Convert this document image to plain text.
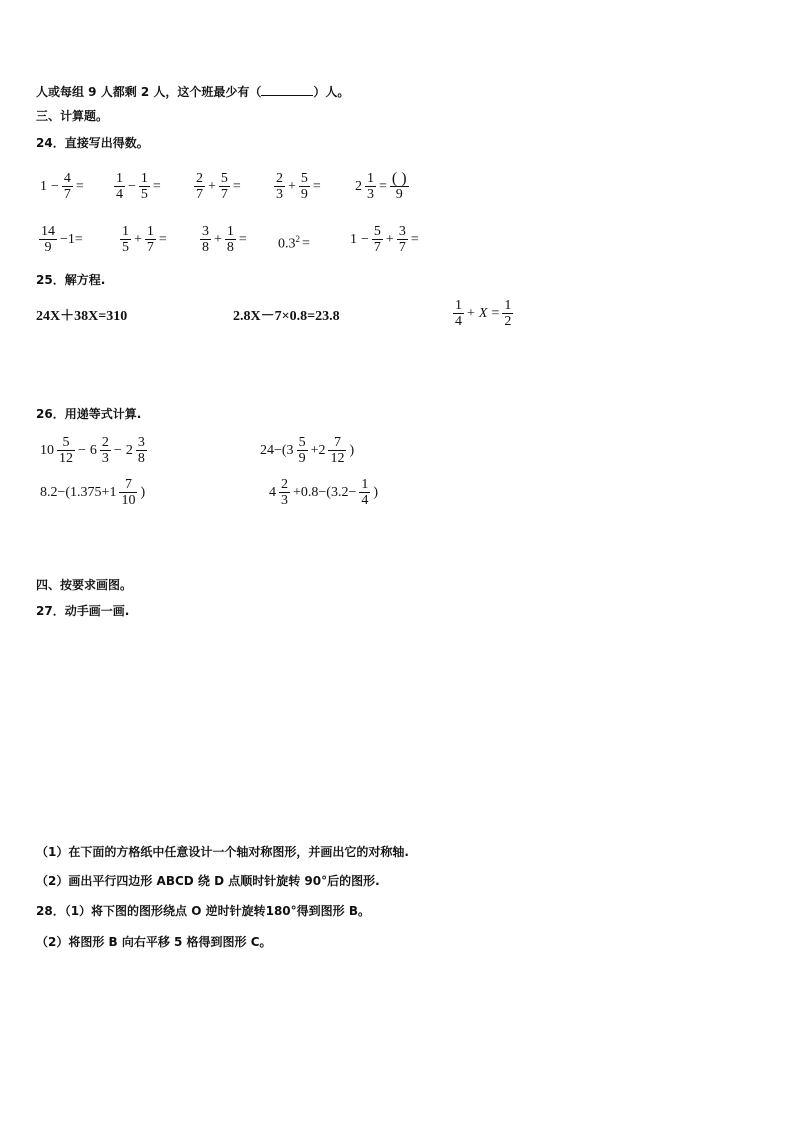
人或每组 9 人都剩 2 人，这个班最少有（	）人。
三、计算题。
24．直接写出得数。
$1 - \frac{4}{7} = \frac{1}{4} - \frac{1}{5} = \frac{2}{7} + \frac{5}{7} = \frac{2}{3} + \frac{5}{9} = 2 \frac{1}{3} = \frac{( )}{9}$
$\frac{14}{9} -1=$	$\frac{1}{5} + \frac{1}{7} = \frac{3}{8} + \frac{1}{8} = 0.3^2$ =	$1 - \frac{5}{7} + \frac{3}{7}$ =
25．解方程.
24X＋38X=310	2.8X－7×0.8=23.8	$\frac{1}{4} + X = \frac{1}{2}$
26．用递等式计算.
$10 \frac{5}{12} - 6 \frac{2}{3} - 2 \frac{3}{8}$	$24-(3 \frac{5}{9} +2 \frac{7}{12}$ )
$8.2-(1.375+1 \frac{7}{10}$ )	$4 \frac{2}{3} +0.8-(3.2- \frac{1}{4}$ )
四、按要求画图。
27．动手画一画.
（1）在下面的方格纸中任意设计一个轴对称图形，并画出它的对称轴.
（2）画出平行四边形 ABCD 绕 D 点顺时针旋转 90°后的图形.
28．（1）将下图的图形绕点 O 逆时针旋转180°得到图形 B。
（2）将图形 B 向右平移 5 格得到图形 C。
